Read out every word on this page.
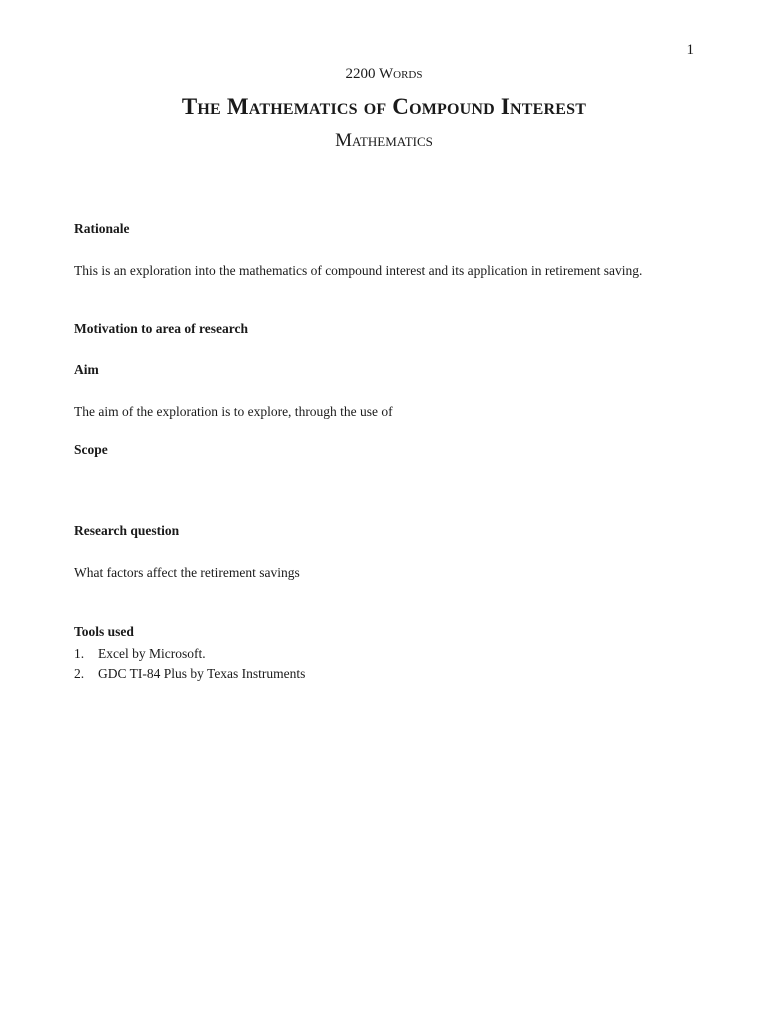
1
2200 Words
The Mathematics of Compound Interest
Mathematics
Rationale
This is an exploration into the mathematics of compound interest and its application in retirement saving.
Motivation to area of research
Aim
The aim of the exploration is to explore, through the use of
Scope
Research question
What factors affect the retirement savings
Tools used
1.	Excel by Microsoft.
2.	GDC TI-84 Plus by Texas Instruments
